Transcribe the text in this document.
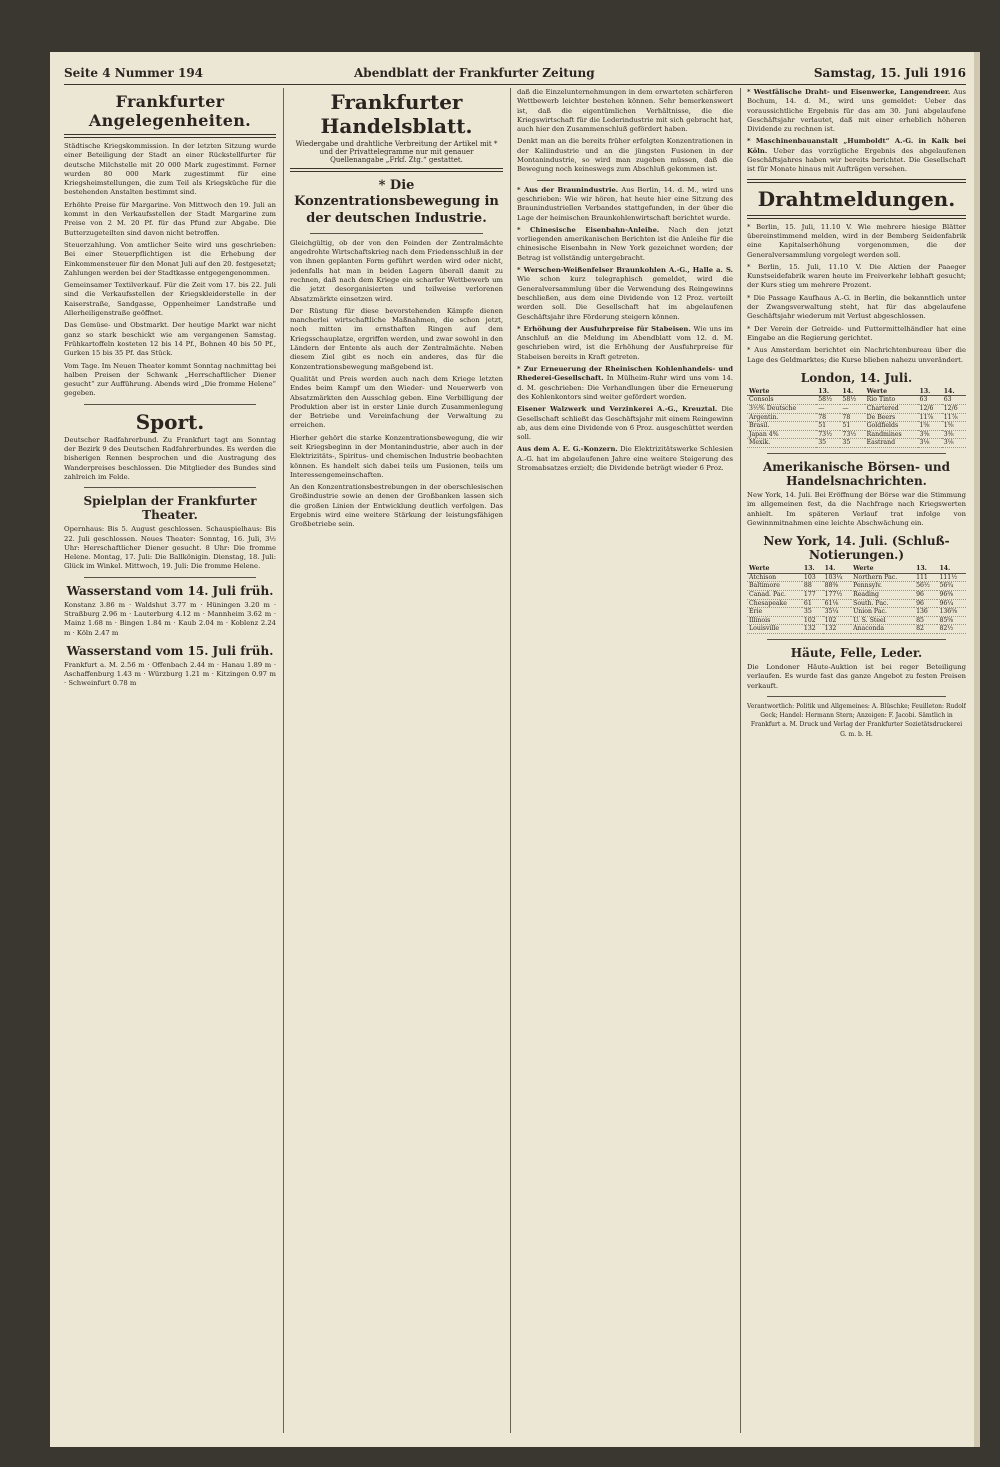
Seite 4 Nummer 194	Abendblatt der Frankfurter Zeitung	Samstag, 15. Juli 1916
Frankfurter Angelegenheiten.

Städtische Kriegskommission. In der letzten Sitzung wurde einer Beteiligung der Stadt an einer Rückstellfurter für deutsche Milchstelle mit 20 000 Mark zugestimmt. Ferner wurden 80 000 Mark zugestimmt für eine Kriegsheimstellungen, die zum Teil als Kriegsküche für die bestehenden Anstalten bestimmt sind.

Erhöhte Preise für Margarine. Von Mittwoch den 19. Juli an kommt in den Verkaufsstellen der Stadt Margarine zum Preise von 2 M. 20 Pf. für das Pfund zur Abgabe. Die Butterzugeteilten sind davon nicht betroffen.

Steuerzahlung. Von amtlicher Seite wird uns geschrieben: Bei einer Steuerpflichtigen ist die Erhebung der Einkommensteuer für den Monat Juli auf den 20. festgesetzt; Zahlungen werden bei der Stadtkasse entgegengenommen.

Gemeinsamer Textilverkauf. Für die Zeit vom 17. bis 22. Juli sind die Verkaufsstellen der Kriegskleiderstelle in der Kaiserstraße, Sandgasse, Oppenheimer Landstraße und Allerheiligenstraße geöffnet.

Das Gemüse- und Obstmarkt. Der heutige Markt war nicht ganz so stark beschickt wie am vergangenen Samstag. Frühkartoffeln kosteten 12 bis 14 Pf., Bohnen 40 bis 50 Pf., Gurken 15 bis 35 Pf. das Stück.

Vom Tage. Im Neuen Theater kommt Sonntag nachmittag bei halben Preisen der Schwank „Herrschaftlicher Diener gesucht“ zur Aufführung. Abends wird „Die fromme Helene“ gegeben.

Sport.

Deutscher Radfahrerbund. Zu Frankfurt tagt am Sonntag der Bezirk 9 des Deutschen Radfahrerbundes. Es werden die bisherigen Rennen besprochen und die Austragung des Wanderpreises beschlossen. Die Mitglieder des Bundes sind zahlreich im Felde.

Spielplan der Frankfurter Theater.

Opernhaus: Bis 5. August geschlossen. Schauspielhaus: Bis 22. Juli geschlossen. Neues Theater: Sonntag, 16. Juli, 3½ Uhr: Herrschaftlicher Diener gesucht. 8 Uhr: Die fromme Helene. Montag, 17. Juli: Die Ballkönigin. Dienstag, 18. Juli: Glück im Winkel. Mittwoch, 19. Juli: Die fromme Helene.

Wasserstand vom 14. Juli früh.

Konstanz 3.86 m · Waldshut 3.77 m · Hüningen 3.20 m · Straßburg 2.96 m · Lauterburg 4.12 m · Mannheim 3.62 m · Mainz 1.68 m · Bingen 1.84 m · Kaub 2.04 m · Koblenz 2.24 m · Köln 2.47 m

Wasserstand vom 15. Juli früh.

Frankfurt a. M. 2.56 m · Offenbach 2.44 m · Hanau 1.89 m · Aschaffenburg 1.43 m · Würzburg 1.21 m · Kitzingen 0.97 m · Schweinfurt 0.78 m

Frankfurter Handelsblatt.
Wiedergabe und drahtliche Verbreitung der Artikel mit * und der Privattelegramme nur mit genauer Quellenangabe „Frkf. Ztg.“ gestattet.
* Die Konzentrationsbewegung in der deutschen Industrie.

Gleichgültig, ob der von den Feinden der Zentralmächte angedrohte Wirtschaftskrieg nach dem Friedensschluß in der von ihnen geplanten Form geführt werden wird oder nicht, jedenfalls hat man in beiden Lagern überall damit zu rechnen, daß nach dem Kriege ein scharfer Wettbewerb um die jetzt desorganisierten und teilweise verlorenen Absatzmärkte einsetzen wird.

Der Rüstung für diese bevorstehenden Kämpfe dienen mancherlei wirtschaftliche Maßnahmen, die schon jetzt, noch mitten im ernsthaften Ringen auf dem Kriegsschauplatze, ergriffen werden, und zwar sowohl in den Ländern der Entente als auch der Zentralmächte. Neben diesem Ziel gibt es noch ein anderes, das für die Konzentrationsbewegung maßgebend ist.

Qualität und Preis werden auch nach dem Kriege letzten Endes beim Kampf um den Wieder- und Neuerwerb von Absatzmärkten den Ausschlag geben. Eine Verbilligung der Produktion aber ist in erster Linie durch Zusammenlegung der Betriebe und Vereinfachung der Verwaltung zu erreichen.

Hierher gehört die starke Konzentrationsbewegung, die wir seit Kriegsbeginn in der Montanindustrie, aber auch in der Elektrizitäts-, Spiritus- und chemischen Industrie beobachten können. Es handelt sich dabei teils um Fusionen, teils um Interessengemeinschaften.

An den Konzentrationsbestrebungen in der oberschlesischen Großindustrie sowie an denen der Großbanken lassen sich die großen Linien der Entwicklung deutlich verfolgen. Das Ergebnis wird eine weitere Stärkung der leistungsfähigen Großbetriebe sein.

daß die Einzelunternehmungen in dem erwarteten schärferen Wettbewerb leichter bestehen können. Sehr bemerkenswert ist, daß die eigentümlichen Verhältnisse, die die Kriegswirtschaft für die Lederindustrie mit sich gebracht hat, auch hier den Zusammenschluß gefördert haben.

Denkt man an die bereits früher erfolgten Konzentrationen in der Kaliindustrie und an die jüngsten Fusionen in der Montanindustrie, so wird man zugeben müssen, daß die Bewegung noch keineswegs zum Abschluß gekommen ist.

* Aus der Braunindustrie. Aus Berlin, 14. d. M., wird uns geschrieben: Wie wir hören, hat heute hier eine Sitzung des Braunindustriellen Verbandes stattgefunden, in der über die Lage der heimischen Braunkohlenwirtschaft berichtet wurde.

* Chinesische Eisenbahn-Anleihe. Nach den jetzt vorliegenden amerikanischen Berichten ist die Anleihe für die chinesische Eisenbahn in New York gezeichnet worden; der Betrag ist vollständig untergebracht.

* Werschen-Weißenfelser Braunkohlen A.-G., Halle a. S. Wie schon kurz telegraphisch gemeldet, wird die Generalversammlung über die Verwendung des Reingewinns beschließen, aus dem eine Dividende von 12 Proz. verteilt werden soll. Die Gesellschaft hat im abgelaufenen Geschäftsjahr ihre Förderung steigern können.

* Erhöhung der Ausfuhrpreise für Stabeisen. Wie uns im Anschluß an die Meldung im Abendblatt vom 12. d. M. geschrieben wird, ist die Erhöhung der Ausfuhrpreise für Stabeisen bereits in Kraft getreten.

* Zur Erneuerung der Rheinischen Kohlenhandels- und Rhederei-Gesellschaft. In Mülheim-Ruhr wird uns vom 14. d. M. geschrieben: Die Verhandlungen über die Erneuerung des Kohlenkontors sind weiter gefördert worden.

Eisener Walzwerk und Verzinkerei A.-G., Kreuztal. Die Gesellschaft schließt das Geschäftsjahr mit einem Reingewinn ab, aus dem eine Dividende von 6 Proz. ausgeschüttet werden soll.

Aus dem A. E. G.-Konzern. Die Elektrizitätswerke Schlesien A.-G. hat im abgelaufenen Jahre eine weitere Steigerung des Stromabsatzes erzielt; die Dividende beträgt wieder 6 Proz.

* Westfälische Draht- und Eisenwerke, Langendreer. Aus Bochum, 14. d. M., wird uns gemeldet: Ueber das voraussichtliche Ergebnis für das am 30. Juni abgelaufene Geschäftsjahr verlautet, daß mit einer erheblich höheren Dividende zu rechnen ist.

* Maschinenbauanstalt „Humboldt“ A.-G. in Kalk bei Köln. Ueber das vorzügliche Ergebnis des abgelaufenen Geschäftsjahres haben wir bereits berichtet. Die Gesellschaft ist für Monate hinaus mit Aufträgen versehen.

Drahtmeldungen.

* Berlin, 15. Juli, 11.10 V. Wie mehrere hiesige Blätter übereinstimmend melden, wird in der Bemberg Seidenfabrik eine Kapitalserhöhung vorgenommen, die der Generalversammlung vorgelegt werden soll.

* Berlin, 15. Juli, 11.10 V. Die Aktien der Paaeger Kunstseidefabrik waren heute im Freiverkehr lebhaft gesucht; der Kurs stieg um mehrere Prozent.

* Die Passage Kaufhaus A.-G. in Berlin, die bekanntlich unter der Zwangsverwaltung steht, hat für das abgelaufene Geschäftsjahr wiederum mit Verlust abgeschlossen.

* Der Verein der Getreide- und Futtermittelhändler hat eine Eingabe an die Regierung gerichtet.

* Aus Amsterdam berichtet ein Nachrichtenbureau über die Lage des Geldmarktes; die Kurse blieben nahezu unverändert.

London, 14. Juli.
Werte	13.	14.	Werte	13.	14.
Consols	58½	58½	Rio Tinto	63	63
3½% Deutsche	—	—	Chartered	12/6	12/6
Argentin.	78	78	De Beers	11⅞	11⅞
Brasil.	51	51	Goldfields	1⅝	1⅝
Japan 4%	73½	73½	Randmines	3⅜	3⅜
Mexik.	35	35	Eastrand	3⅛	3⅛
Amerikanische Börsen- und Handelsnachrichten.

New York, 14. Juli. Bei Eröffnung der Börse war die Stimmung im allgemeinen fest, da die Nachfrage nach Kriegswerten anhielt. Im späteren Verlauf trat infolge von Gewinnmitnahmen eine leichte Abschwächung ein.

New York, 14. Juli. (Schluß-Notierungen.)
Werte	13.	14.	Werte	13.	14.
Atchison	103	103¼	Northern Pac.	111	111½
Baltimore	88	88⅜	Pennsylv.	56½	56¾
Canad. Pac.	177	177½	Reading	96	96⅜
Chesapeake	61	61⅛	South. Pac.	96	96¼
Erie	35	35¼	Union Pac.	136	136⅝
Illinois	102	102	U. S. Steel	85	85⅝
Louisville	132	132	Anaconda	82	82½
Häute, Felle, Leder.

Die Londoner Häute-Auktion ist bei reger Beteiligung verlaufen. Es wurde fast das ganze Angebot zu festen Preisen verkauft.

Verantwortlich: Politik und Allgemeines: A. Blüschke; Feuilleton: Rudolf Geck; Handel: Hermann Stern; Anzeigen: F. Jacobi. Sämtlich in Frankfurt a. M. Druck und Verlag der Frankfurter Sozietätsdruckerei G. m. b. H.
